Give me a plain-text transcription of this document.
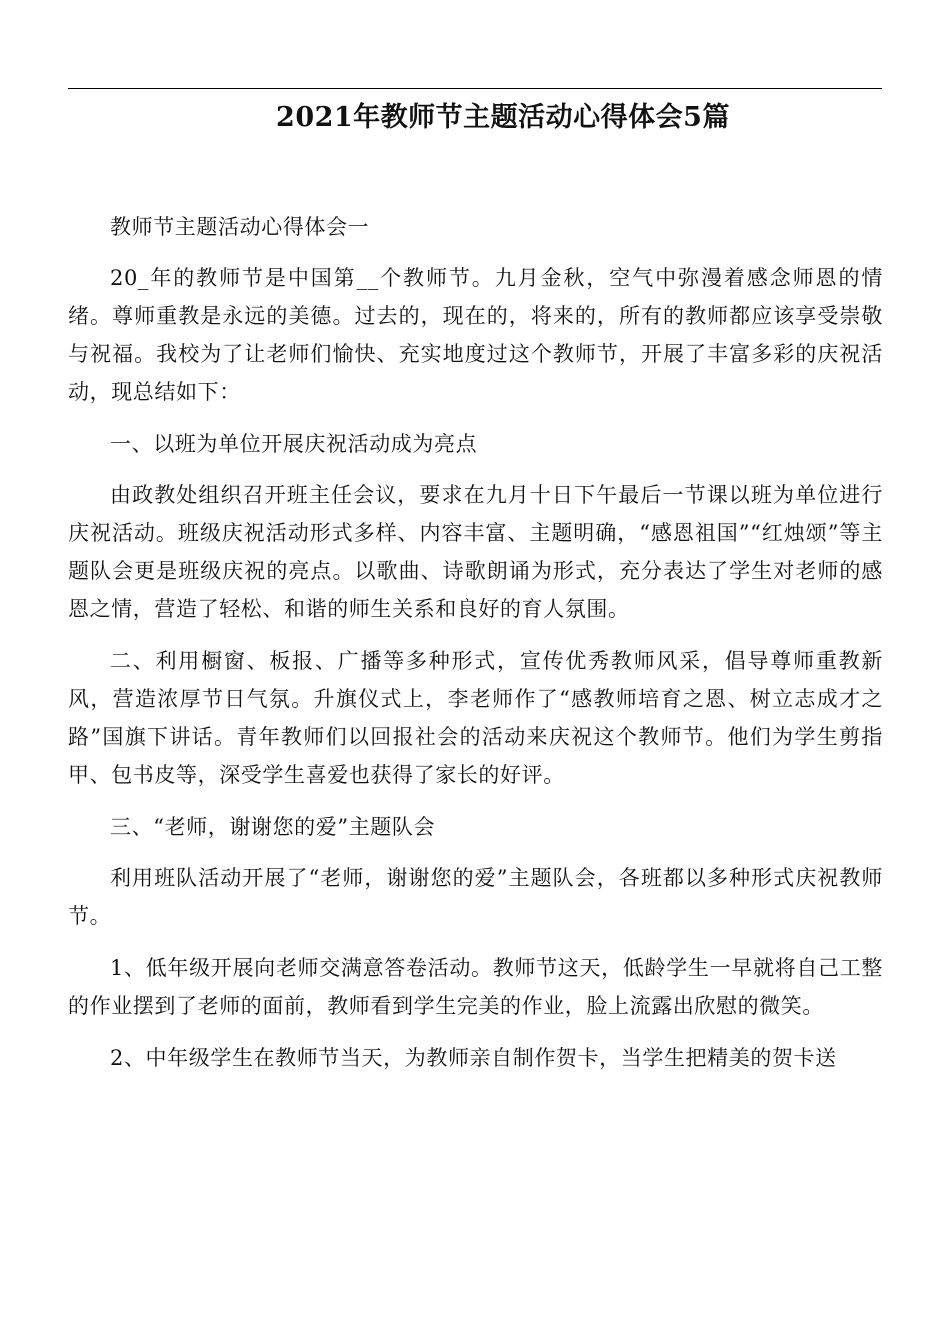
2021年教师节主题活动心得体会5篇

教师节主题活动心得体会一

20_年的教师节是中国第__个教师节。九月金秋，空气中弥漫着感念师恩的情绪。尊师重教是永远的美德。过去的，现在的，将来的，所有的教师都应该享受崇敬与祝福。我校为了让老师们愉快、充实地度过这个教师节，开展了丰富多彩的庆祝活动，现总结如下：

一、以班为单位开展庆祝活动成为亮点

由政教处组织召开班主任会议，要求在九月十日下午最后一节课以班为单位进行庆祝活动。班级庆祝活动形式多样、内容丰富、主题明确，“感恩祖国”“红烛颂”等主题队会更是班级庆祝的亮点。以歌曲、诗歌朗诵为形式，充分表达了学生对老师的感恩之情，营造了轻松、和谐的师生关系和良好的育人氛围。

二、利用橱窗、板报、广播等多种形式，宣传优秀教师风采，倡导尊师重教新风，营造浓厚节日气氛。升旗仪式上，李老师作了“感教师培育之恩、树立志成才之路”国旗下讲话。青年教师们以回报社会的活动来庆祝这个教师节。他们为学生剪指甲、包书皮等，深受学生喜爱也获得了家长的好评。

三、“老师，谢谢您的爱”主题队会

利用班队活动开展了“老师，谢谢您的爱”主题队会，各班都以多种形式庆祝教师节。

1、低年级开展向老师交满意答卷活动。教师节这天，低龄学生一早就将自己工整的作业摆到了老师的面前，教师看到学生完美的作业，脸上流露出欣慰的微笑。

2、中年级学生在教师节当天，为教师亲自制作贺卡，当学生把精美的贺卡送
